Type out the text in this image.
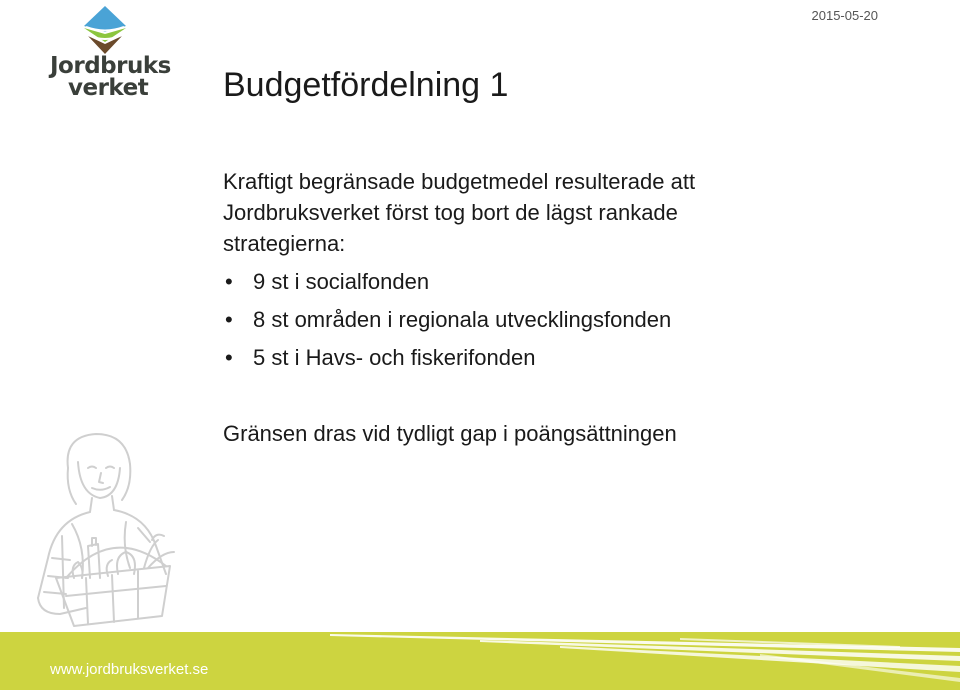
2015-05-20
Jordbruks
verket Budgetfördelning 1
Kraftigt begränsade budgetmedel resulterade att
Jordbruksverket först tog bort de lägst rankade
strategierna:
• 9 st i socialfonden
• 8 st områden i regionala utvecklingsfonden
• 5 st i Havs- och fiskerifonden
Gränsen dras vid tydligt gap i poängsättningen
www.jordbruksverket.se
